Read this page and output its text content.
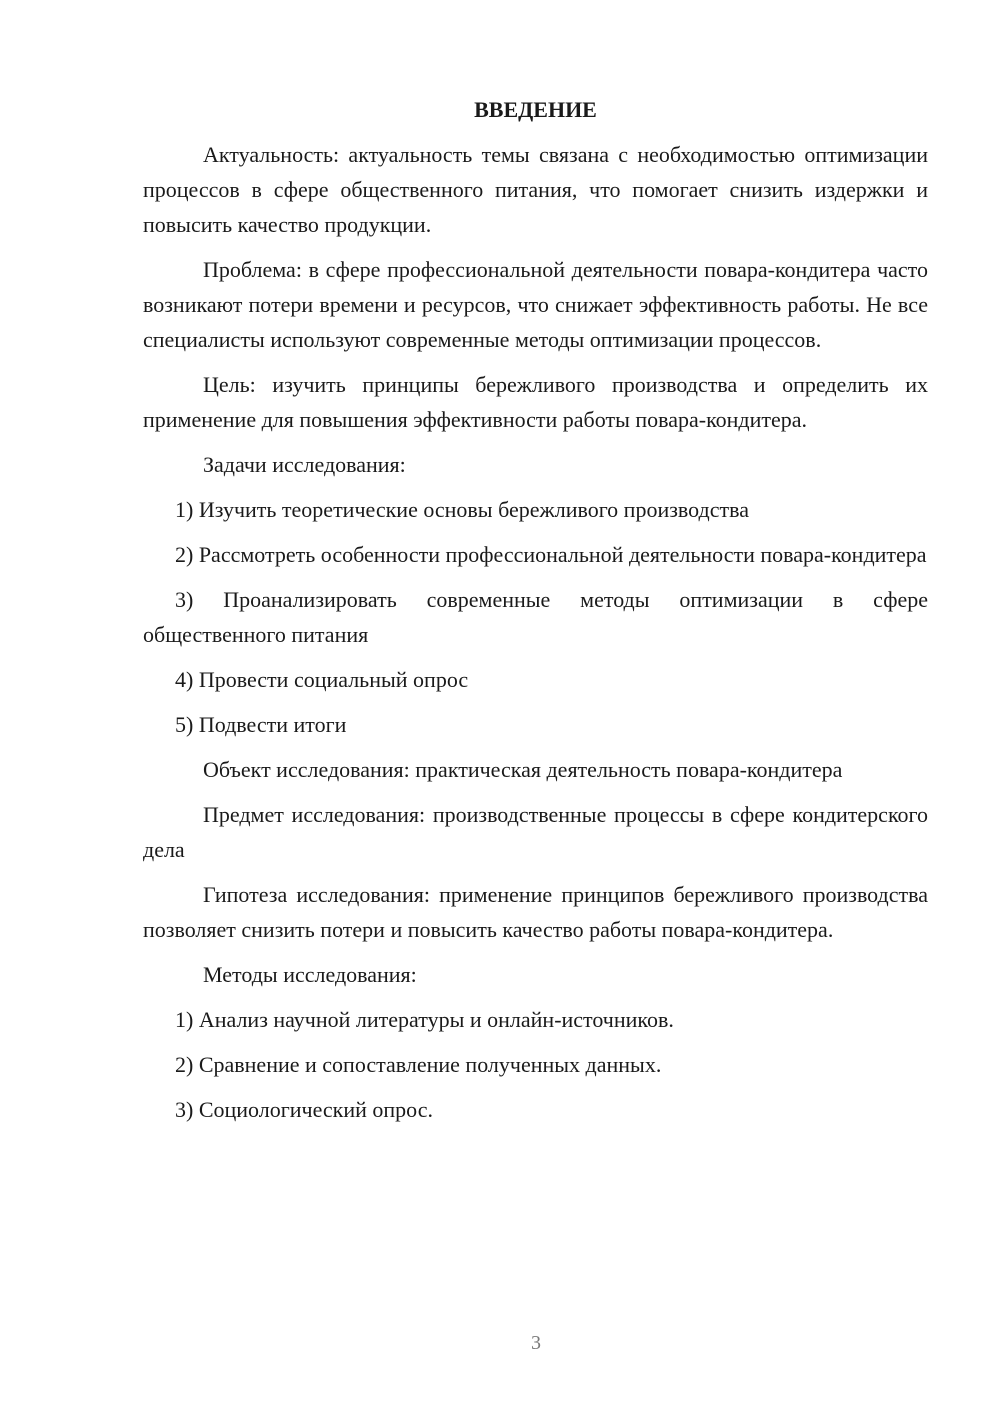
ВВЕДЕНИЕ

Актуальность: актуальность темы связана с необходимостью оптимизации процессов в сфере общественного питания, что помогает снизить издержки и повысить качество продукции.

Проблема: в сфере профессиональной деятельности повара-кондитера часто возникают потери времени и ресурсов, что снижает эффективность работы. Не все специалисты используют современные методы оптимизации процессов.

Цель: изучить принципы бережливого производства и определить их применение для повышения эффективности работы повара-кондитера.

Задачи исследования:

1) Изучить теоретические основы бережливого производства

2) Рассмотреть особенности профессиональной деятельности повара-кондитера

3) Проанализировать современные методы оптимизации в сфере общественного питания

4) Провести социальный опрос

5) Подвести итоги

Объект исследования: практическая деятельность повара-кондитера

Предмет исследования: производственные процессы в сфере кондитерского дела

Гипотеза исследования: применение принципов бережливого производства позволяет снизить потери и повысить качество работы повара-кондитера.

Методы исследования:

1) Анализ научной литературы и онлайн-источников.

2) Сравнение и сопоставление полученных данных.

3) Социологический опрос.

3
